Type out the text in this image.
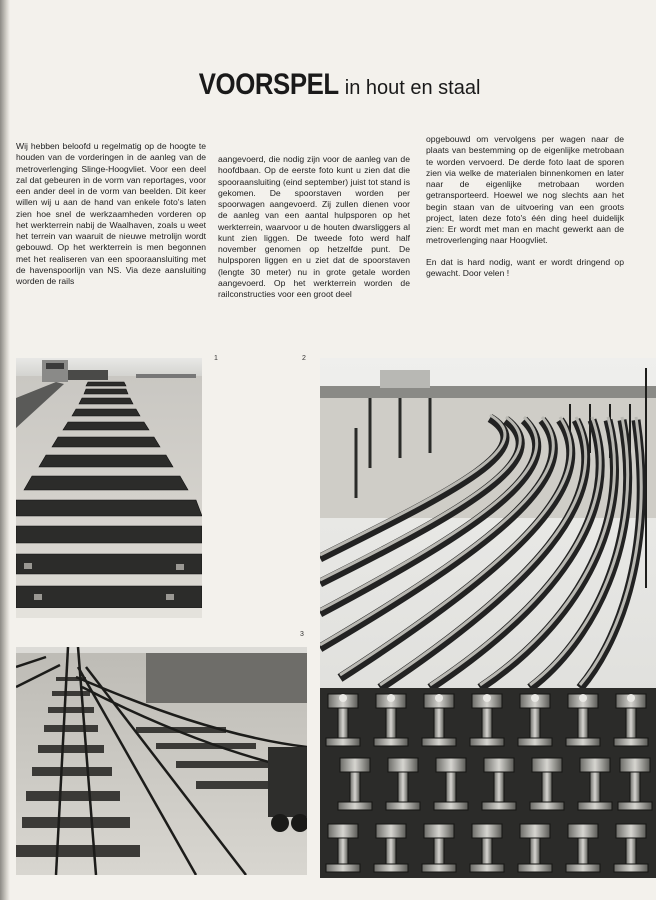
VOORSPEL in hout en staal

Wij hebben beloofd u regelmatig op de hoogte te houden van de vorderingen in de aanleg van de metroverlenging Slinge-Hoogvliet. Voor een deel zal dat gebeuren in de vorm van reportages, voor een ander deel in de vorm van beelden. Dit keer willen wij u aan de hand van enkele foto's laten zien hoe snel de werkzaamheden vorderen op het werkterrein nabij de Waalhaven, zoals u weet het terrein van waaruit de nieuwe metrolijn wordt gebouwd. Op het werkterrein is men begonnen met het realiseren van een spooraansluiting met de havenspoorlijn van NS. Via deze aansluiting worden de rails

aangevoerd, die nodig zijn voor de aanleg van de hoofdbaan. Op de eerste foto kunt u zien dat die spooraansluiting (eind september) juist tot stand is gekomen. De spoorstaven worden per spoorwagen aangevoerd. Zij zullen dienen voor de aanleg van een aantal hulpsporen op het werkterrein, waarvoor u de houten dwarsliggers al kunt zien liggen. De tweede foto werd half november genomen op hetzelfde punt. De hulpsporen liggen en u ziet dat de spoorstaven (lengte 30 meter) nu in grote getale worden aangevoerd. Op het werkterrein worden de railconstructies voor een groot deel

opgebouwd om vervolgens per wagen naar de plaats van bestemming op de eigenlijke metrobaan te worden vervoerd. De derde foto laat de sporen zien via welke de materialen binnenkomen en later naar de eigenlijke metrobaan worden getransporteerd. Hoewel we nog slechts aan het begin staan van de uitvoering van een groots project, laten deze foto's één ding heel duidelijk zien: Er wordt met man en macht gewerkt aan de metroverlenging naar Hoogvliet.

En dat is hard nodig, want er wordt dringend op gewacht. Door velen !

1	2
3
